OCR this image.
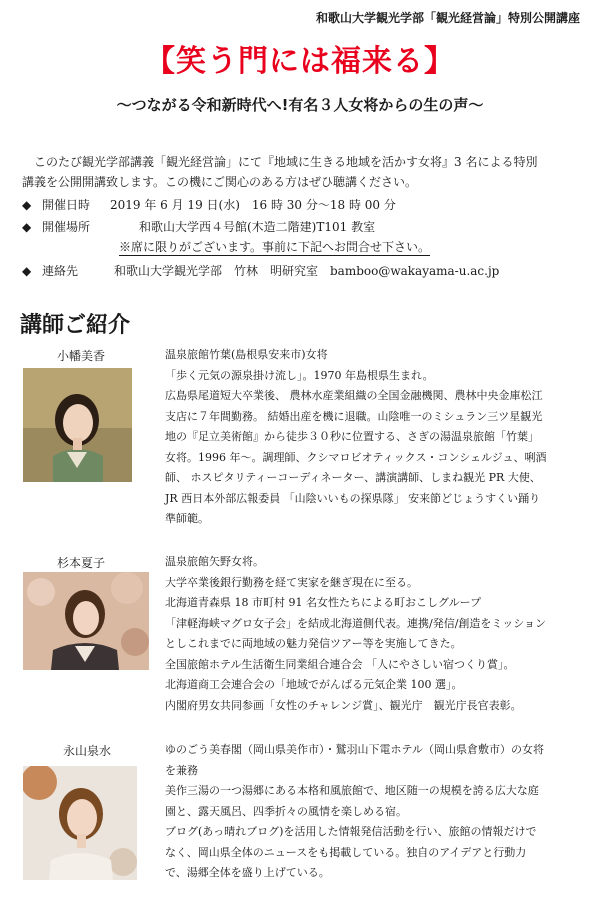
和歌山大学観光学部「観光経営論」特別公開講座
【笑う門には福来る】
～つながる令和新時代へ!有名３人女将からの生の声～

このたび観光学部講義「観光経営論」にて『地域に生きる地域を活かす女将』3 名による特別

講義を公開開講致します。この機にご関心のある方はぜひ聴講ください。

◆ 開催日時 2019 年 6 月 19 日(水)　16 時 30 分～18 時 00 分
◆ 開催場所	和歌山大学西４号館(木造二階建)T101 教室
※席に限りがございます。事前に下記へお問合せ下さい。
◆ 連絡先	和歌山大学観光学部　竹林　明研究室　bamboo@wakayama-u.ac.jp
講師ご紹介
小幡美香	温泉旅館竹葉(島根県安来市)女将
「歩く元気の源泉掛け流し」。1970 年島根県生まれ。
広島県尾道短大卒業後、 農林水産業組織の全国金融機関、農林中央金庫松江
支店に７年間勤務。 結婚出産を機に退職。山陰唯一のミシュラン三ツ星観光
地の『足立美術館』から徒歩３０秒に位置する、さぎの湯温泉旅館「竹葉」
女将。1996 年～。調理師、クシマロビオティックス・コンシェルジュ、唎酒
師、 ホスピタリティーコーディネーター、講演講師、しまね観光 PR 大使、
JR 西日本外部広報委員 「山陰いいもの探県隊」 安来節どじょうすくい踊り
準師範。
杉本夏子	温泉旅館矢野女将。
大学卒業後銀行勤務を経て実家を継ぎ現在に至る。
北海道青森県 18 市町村 91 名女性たちによる町おこしグループ
「津軽海峡マグロ女子会」を結成北海道側代表。連携/発信/創造をミッション
としこれまでに両地域の魅力発信ツアー等を実施してきた。
全国旅館ホテル生活衛生同業組合連合会 「人にやさしい宿つくり賞」。
北海道商工会連合会の「地域でがんばる元気企業 100 選」。
内閣府男女共同参画「女性のチャレンジ賞」、観光庁　観光庁長官表彰。
永山泉水	ゆのごう美春閣（岡山県美作市）・鷲羽山下電ホテル（岡山県倉敷市）の女将
を兼務
美作三湯の一つ湯郷にある本格和風旅館で、地区随一の規模を誇る広大な庭
園と、露天風呂、四季折々の風情を楽しめる宿。
ブログ(あっ晴れブログ)を活用した情報発信活動を行い、旅館の情報だけで
なく、岡山県全体のニュースをも掲載している。独自のアイデアと行動力
で、湯郷全体を盛り上げている。
